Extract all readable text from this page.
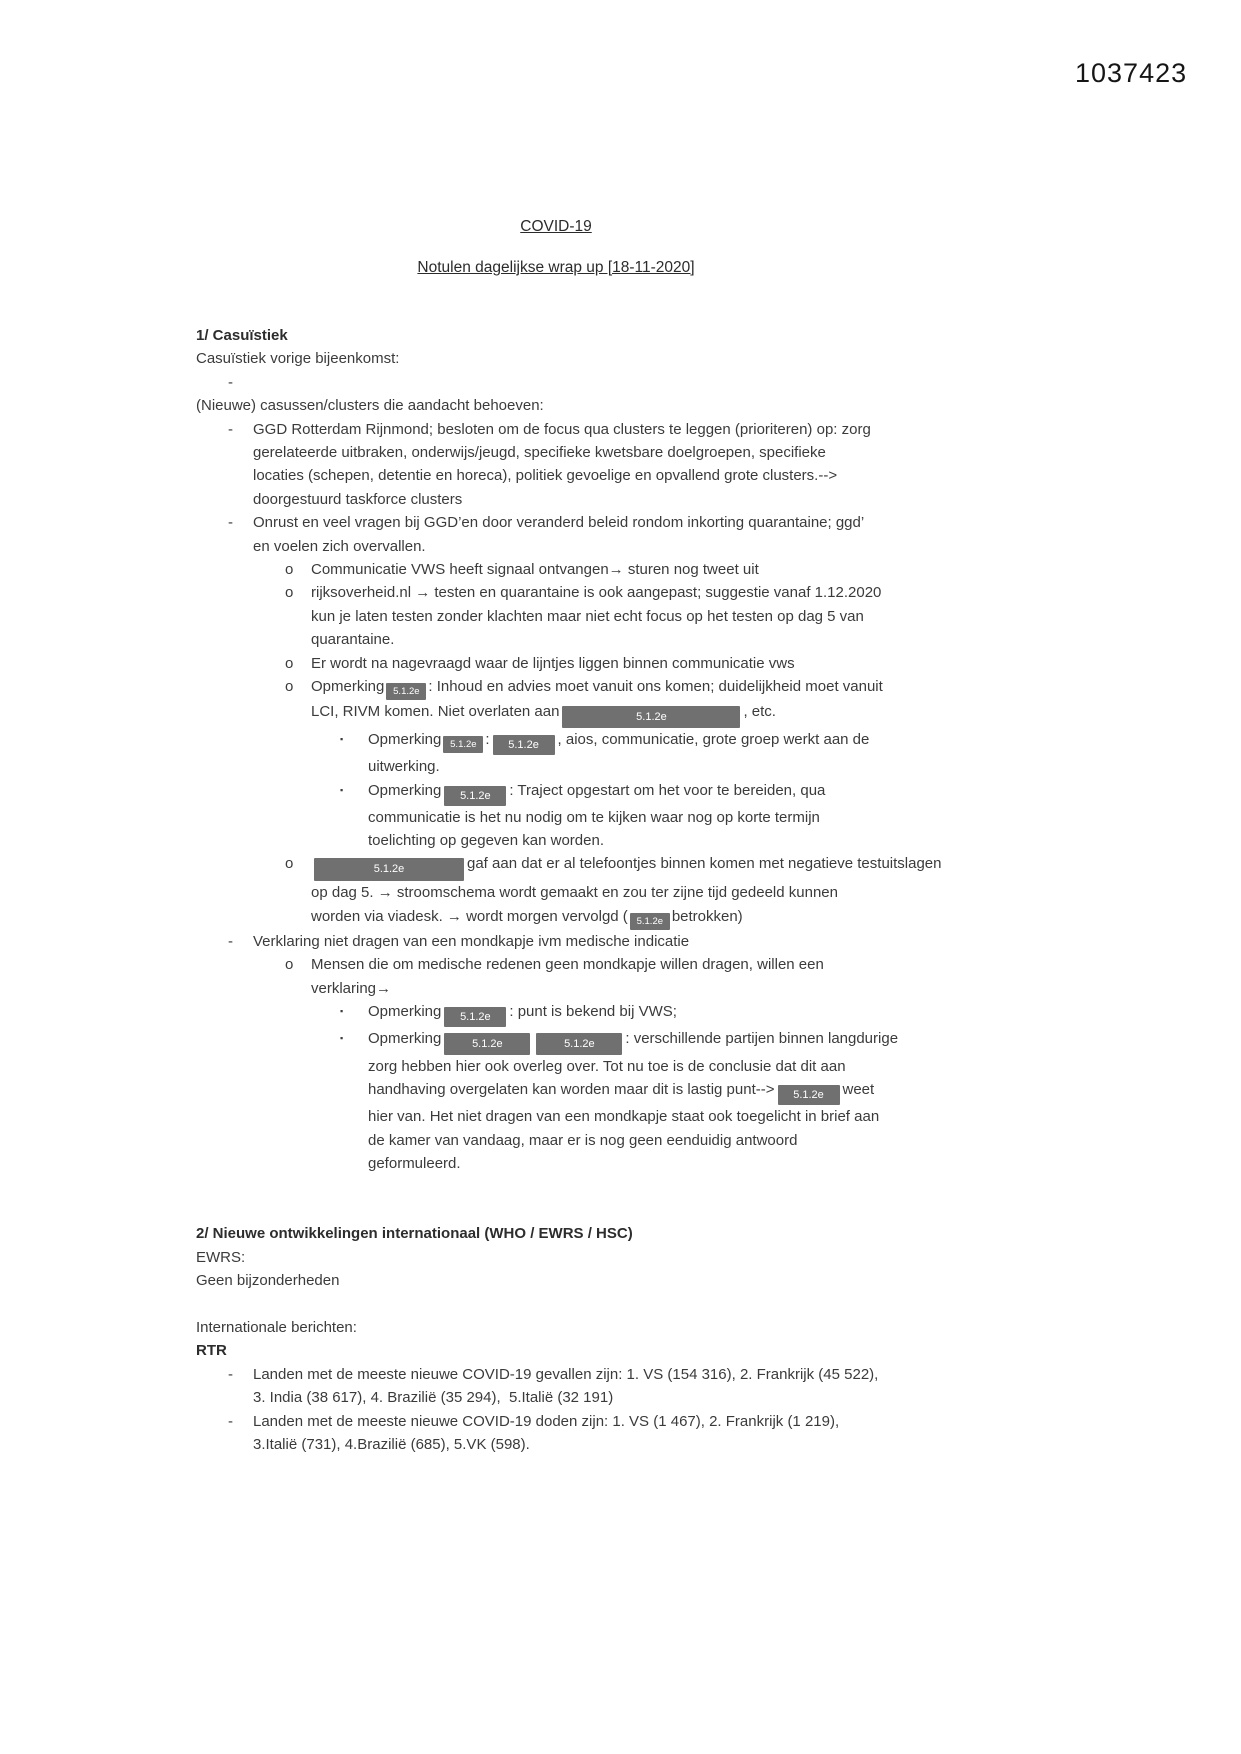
1037423
COVID-19
Notulen dagelijkse wrap up [18-11-2020]
1/ Casuïstiek
Casuïstiek vorige bijeenkomst:
-
(Nieuwe) casussen/clusters die aandacht behoeven:
-	GGD Rotterdam Rijnmond; besloten om de focus qua clusters te leggen (prioriteren) op: zorg
gerelateerde uitbraken, onderwijs/jeugd, specifieke kwetsbare doelgroepen, specifieke
locaties (schepen, detentie en horeca), politiek gevoelige en opvallend grote clusters.-->
doorgestuurd taskforce clusters
-	Onrust en veel vragen bij GGD’en door veranderd beleid rondom inkorting quarantaine; ggd’
en voelen zich overvallen.
o	Communicatie VWS heeft signaal ontvangen→ sturen nog tweet uit
o	rijksoverheid.nl → testen en quarantaine is ook aangepast; suggestie vanaf 1.12.2020
kun je laten testen zonder klachten maar niet echt focus op het testen op dag 5 van
quarantaine.
o	Er wordt na nagevraagd waar de lijntjes liggen binnen communicatie vws
o	Opmerking 5.1.2e : Inhoud en advies moet vanuit ons komen; duidelijkheid moet vanuit
LCI, RIVM komen. Niet overlaten aan	5.1.2e	, etc.
▪	Opmerking 5.1.2e : 5.1.2e , aios, communicatie, grote groep werkt aan de
uitwerking.
▪	Opmerking 5.1.2e : Traject opgestart om het voor te bereiden, qua
communicatie is het nu nodig om te kijken waar nog op korte termijn
toelichting op gegeven kan worden.
o	5.1.2e	gaf aan dat er al telefoontjes binnen komen met negatieve testuitslagen
op dag 5. → stroomschema wordt gemaakt en zou ter zijne tijd gedeeld kunnen
worden via viadesk. → wordt morgen vervolgd ( 5.1.2e betrokken)
-	Verklaring niet dragen van een mondkapje ivm medische indicatie
o	Mensen die om medische redenen geen mondkapje willen dragen, willen een
verklaring→
▪	Opmerking 5.1.2e : punt is bekend bij VWS;
▪	Opmerking	5.1.2e	5.1.2e : verschillende partijen binnen langdurige
zorg hebben hier ook overleg over. Tot nu toe is de conclusie dat dit aan
handhaving overgelaten kan worden maar dit is lastig punt--> 5.1.2e weet
hier van. Het niet dragen van een mondkapje staat ook toegelicht in brief aan
de kamer van vandaag, maar er is nog geen eenduidig antwoord
geformuleerd.
2/ Nieuwe ontwikkelingen internationaal (WHO / EWRS / HSC)
EWRS:
Geen bijzonderheden
Internationale berichten:
RTR
-	Landen met de meeste nieuwe COVID-19 gevallen zijn: 1. VS (154 316), 2. Frankrijk (45 522),
3. India (38 617), 4. Brazilië (35 294),  5.Italië (32 191)
-	Landen met de meeste nieuwe COVID-19 doden zijn: 1. VS (1 467), 2. Frankrijk (1 219),
3.Italië (731), 4.Brazilië (685), 5.VK (598).
